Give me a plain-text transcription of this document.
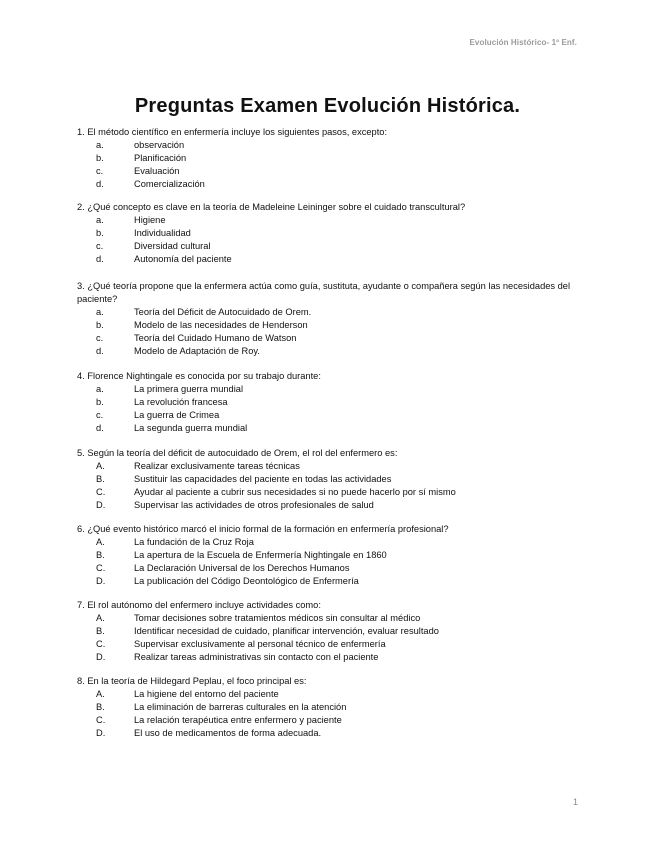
Evolución Histórico- 1º Enf.
Preguntas Examen Evolución Histórica.
1. El método científico en enfermería incluye los siguientes pasos, excepto:
a.	observación
b.	Planificación
c.	Evaluación
d.	Comercialización
2. ¿Qué concepto es clave en la teoría de Madeleine Leininger sobre el cuidado transcultural?
a.	Higiene
b.	Individualidad
c.	Diversidad cultural
d.	Autonomía del paciente
3. ¿Qué teoría propone que la enfermera actúa como guía, sustituta, ayudante o compañera según las necesidades del paciente?
a.	Teoría del Déficit de Autocuidado de Orem.
b.	Modelo de las necesidades de Henderson
c.	Teoría del Cuidado Humano de Watson
d.	Modelo de Adaptación de Roy.
4. Florence Nightingale es conocida por su trabajo durante:
a.	La primera guerra mundial
b.	La revolución francesa
c.	La guerra de Crimea
d.	La segunda guerra mundial
5. Según la teoría del déficit de autocuidado de Orem, el rol del enfermero es:
A.	Realizar exclusivamente tareas técnicas
B.	Sustituir las capacidades del paciente en todas las actividades
C.	Ayudar al paciente a cubrir sus necesidades si no puede hacerlo por sí mismo
D.	Supervisar las actividades de otros profesionales de salud
6. ¿Qué evento histórico marcó el inicio formal de la formación en enfermería profesional?
A.	La fundación de la Cruz Roja
B.	La apertura de la Escuela de Enfermería Nightingale en 1860
C.	La Declaración Universal de los Derechos Humanos
D.	La publicación del Código Deontológico de Enfermería
7. El rol autónomo del enfermero incluye actividades como:
A.	Tomar decisiones sobre tratamientos médicos sin consultar al médico
B.	Identificar necesidad de cuidado, planificar intervención, evaluar resultado
C.	Supervisar exclusivamente al personal técnico de enfermería
D.	Realizar tareas administrativas sin contacto con el paciente
8. En la teoría de Hildegard Peplau, el foco principal es:
A.	La higiene del entorno del paciente
B.	La eliminación de barreras culturales en la atención
C.	La relación terapéutica entre enfermero y paciente
D.	El uso de medicamentos de forma adecuada.
1
